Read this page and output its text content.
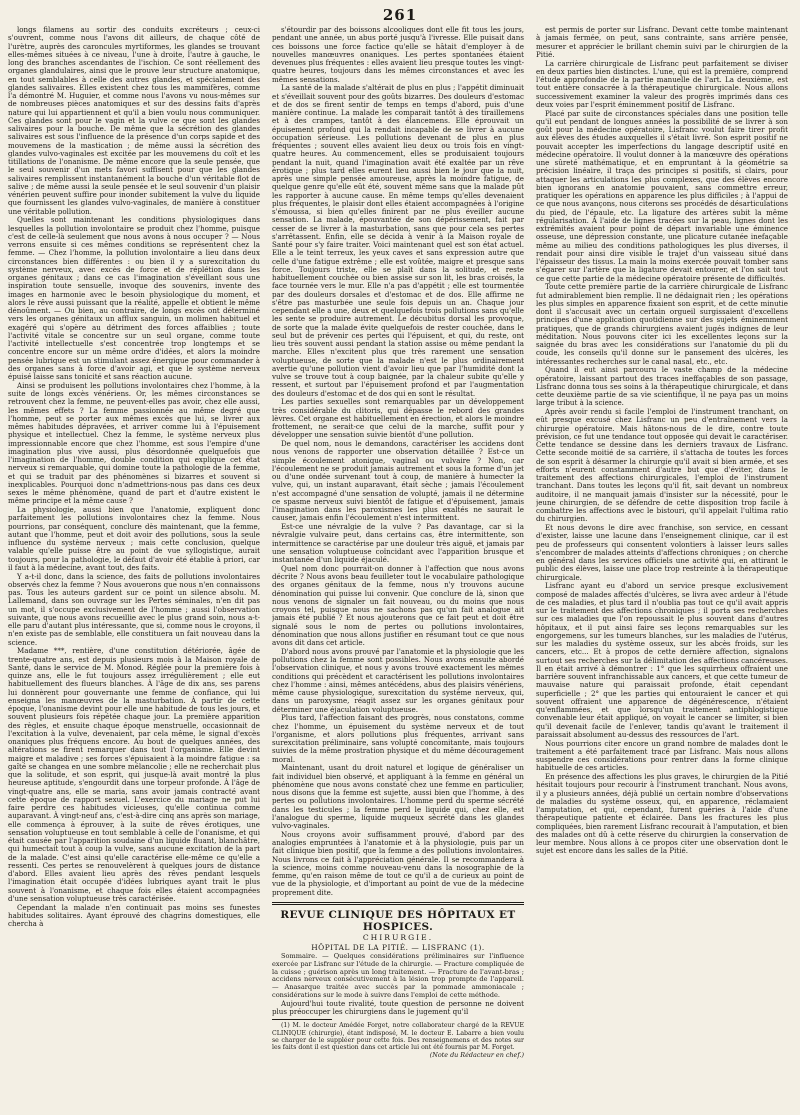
261

longs filamens au sortir des conduits excréteurs ; ceux-ci s'ouvrent, comme nous l'avons dit ailleurs, de chaque côté de l'urètre, auprès des caroncules myrtiformes, les glandes se trouvant elles-mêmes situées à ce niveau, l'une à droite, l'autre à gauche, le long des branches ascendantes de l'ischion. Ce sont réellement des organes glandulaires, ainsi que le prouve leur structure anatomique, en tout semblables à celle des autres glandes, et spécialement des glandes salivaires. Elles existent chez tous les mammifères, comme l'a démontré M. Huguier, et comme nous l'avons vu nous-mêmes sur de nombreuses pièces anatomiques et sur des dessins faits d'après nature qui lui appartiennent et qu'il a bien voulu nous communiquer. Ces glandes sont pour le vagin et la vulve ce que sont les glandes salivaires pour la bouche. De même que la sécrétion des glandes salivaires est sous l'influence de la présence d'un corps sapide et des mouvemens de la mastication ; de même aussi la sécrétion des glandes vulvo-vaginales est excitée par les mouvemens du coït et les titillations de l'onanisme. De même encore que la seule pensée, que le seul souvenir d'un mets favori suffisent pour que les glandes salivaires remplissent instantanément la bouche d'un véritable flot de salive ; de même aussi la seule pensée et le seul souvenir d'un plaisir vénérien peuvent suffire pour inonder subitement la vulve du liquide que fournissent les glandes vulvo-vaginales, de manière à constituer une véritable pollution.

Quelles sont maintenant les conditions physiologiques dans lesquelles la pollution involontaire se produit chez l'homme, puisque c'est de celle-là seulement que nous avons à nous occuper ? — Nous verrons ensuite si ces mêmes conditions se représentent chez la femme. — Chez l'homme, la pollution involontaire a lieu dans deux circonstances bien différentes : ou bien il y a surexcitation du système nerveux, avec excès de force et de réplétion dans les organes génitaux ; dans ce cas l'imagination s'éveillant sous une inspiration toute sensuelle, invoque des souvenirs, invente des images en harmonie avec le besoin physiologique du moment, et alors le rêve aussi puissant que la réalité, appelle et obtient le même dénoûment. — Ou bien, au contraire, de longs excès ont déterminé vers les organes génitaux un afflux sanguin, un molimen habituel et exagéré qui s'opère au détriment des forces affaiblies ; toute l'activité vitale se concentre sur un seul organe, comme toute l'activité intellectuelle s'est concentrée trop longtemps et se concentre encore sur un même ordre d'idées, et alors la moindre pensée lubrique est un stimulant assez énergique pour commander à des organes sans à force d'avoir agi, et que le système nerveux épuisé laisse sans tonicité et sans réaction aucune.

Ainsi se produisent les pollutions involontaires chez l'homme, à la suite de longs excès vénériens. Or, les mêmes circonstances se retrouvent chez la femme, ne peuvent-elles pas avoir, chez elle aussi, les mêmes effets ? La femme passionnée au même degré que l'homme, peut se porter aux mêmes excès que lui, se livrer aux mêmes habitudes dépravées, et arriver comme lui à l'épuisement physique et intellectuel. Chez la femme, le système nerveux plus impressionnable encore que chez l'homme, est sous l'empire d'une imagination plus vive aussi, plus désordonnée quelquefois que l'imagination de l'homme, double condition qui explique cet état nerveux si remarquable, qui domine toute la pathologie de la femme, et qui se traduit par des phénomènes si bizarres et souvent si inexplicables. Pourquoi donc n'admettrions-nous pas dans ces deux sexes le même phénomène, quand de part et d'autre existent le même principe et la même cause ?

La physiologie, aussi bien que l'anatomie, expliquent donc parfaitement les pollutions involontaires chez la femme. Nous pourrions, par conséquent, conclure dès maintenant, que la femme, autant que l'homme, peut et doit avoir des pollutions, sous la seule influence du système nerveux ; mais cette conclusion, quelque valable qu'elle puisse être au point de vue syllogistique, aurait toujours, pour la pathologie, le défaut d'avoir été établie à priori, car il faut à la médecine, avant tout, des faits.

Y a-t-il donc, dans la science, des faits de pollutions involontaires observés chez la femme ? Nous avouerons que nous n'en connaissons pas. Tous les auteurs gardent sur ce point un silence absolu. M. Lallemand, dans son ouvrage sur les Pertes séminales, n'en dit pas un mot, il s'occupe exclusivement de l'homme ; aussi l'observation suivante, que nous avons recueillie avec le plus grand soin, nous a-t-elle paru d'autant plus intéressante, que si, comme nous le croyons, il n'en existe pas de semblable, elle constituera un fait nouveau dans la science.

Madame ***, rentière, d'une constitution détériorée, âgée de trente-quatre ans, est depuis plusieurs mois à la Maison royale de Santé, dans le service de M. Monod. Réglée pour la première fois à quinze ans, elle le fut toujours assez irrégulièrement ; elle eut habituellement des flueurs blanches. À l'âge de dix ans, ses parens lui donnèrent pour gouvernante une femme de confiance, qui lui enseigna les manœuvres de la masturbation. À partir de cette époque, l'onanisme devint pour elle une habitude de tous les jours, et souvent plusieurs fois répétée chaque jour. La première apparition des règles, et ensuite chaque époque menstruelle, occasionnait de l'excitation à la vulve, devenaient, par cela même, le signal d'excès onaniques plus fréquens encore. Au bout de quelques années, des altérations se firent remarquer dans tout l'organisme. Elle devint maigre et maladive ; ses forces s'épuisaient à la moindre fatigue : sa gaîté se changea en une sombre mélancolie ; elle ne recherchait plus que la solitude, et son esprit, qui jusque-là avait montré la plus heureuse aptitude, s'engourdit dans une torpeur profonde. À l'âge de vingt-quatre ans, elle se maria, sans avoir jamais contracté avant cette époque de rapport sexuel. L'exercice du mariage ne put lui faire perdre ces habitudes vicieuses, qu'elle continua comme auparavant. À vingt-neuf ans, c'est-à-dire cinq ans après son mariage, elle commença à éprouver, à la suite de rêves érotiques, une sensation voluptueuse en tout semblable à celle de l'onanisme, et qui était causée par l'apparition soudaine d'un liquide fluant, blanchâtre, qui humectait tout à coup la vulve, sans aucune excitation de la part de la malade. C'est ainsi qu'elle caractérise elle-même ce qu'elle a ressenti. Ces pertes se renouvelèrent à quelques jours de distance d'abord. Elles avaient lieu après des rêves pendant lesquels l'imagination était occupée d'idées lubriques ayant trait le plus souvent à l'onanisme, et chaque fois elles étaient accompagnées d'une sensation voluptueuse très caractérisée.

Cependant la malade n'en continuait pas moins ses funestes habitudes solitaires. Ayant éprouvé des chagrins domestiques, elle chercha à

s'étourdir par des boissons alcooliques dont elle fit tous les jours, pendant une année, un abus porté jusqu'à l'ivresse. Elle puisait dans ces boissons une force factice qu'elle se hâtait d'employer à de nouvelles manœuvres onaniques. Les pertes spontanées étaient devenues plus fréquentes : elles avaient lieu presque toutes les vingt-quatre heures, toujours dans les mêmes circonstances et avec les mêmes sensations.

La santé de la malade s'altérait de plus en plus ; l'appétit diminuait et s'éveillait souvent pour des goûts bizarres. Des douleurs d'estomac et de dos se firent sentir de temps en temps d'abord, puis d'une manière continue. La malade les comparait tantôt à des tiraillemens et à des crampes, tantôt à des élancemens. Elle éprouvait un épuisement profond qui la rendait incapable de se livrer à aucune occupation sérieuse. Les pollutions devenant de plus en plus fréquentes ; souvent elles avaient lieu deux ou trois fois en vingt-quatre heures. Au commencement, elles se produisaient toujours pendant la nuit, quand l'imagination avait été exaltée par un rêve érotique ; plus tard elles eurent lieu aussi bien le jour que la nuit, après une simple pensée amoureuse, après la moindre fatigue, de quelque genre qu'elle eût été, souvent même sans que la malade pût les rapporter à aucune cause. En même temps qu'elles devenaient plus fréquentes, le plaisir dont elles étaient accompagnées à l'origine s'émoussa, si bien qu'elles finirent par ne plus éveiller aucune sensation. La malade, épouvantée de son dépérissement, fait par cesser de se livrer à la masturbation, sans que pour cela ses pertes s'arrêtassent. Enfin, elle se décida à venir à la Maison royale de Santé pour s'y faire traiter. Voici maintenant quel est son état actuel. Elle a le teint terreux, les yeux caves et sans expression autre que celle d'une fatigue extrême ; elle est voûtée, maigre et presque sans force. Toujours triste, elle se plaît dans la solitude, et reste habituellement couchée ou bien assise sur son lit, les bras croisés, la face tournée vers le mur. Elle n'a pas d'appétit ; elle est tourmentée par des douleurs dorsales et d'estomac et de dos. Elle affirme ne s'être pas masturbée une seule fois depuis un an. Chaque jour cependant elle a une, deux et quelquefois trois pollutions sans qu'elle les sente se produire autrement. Le décubitus dorsal les provoque, de sorte que la malade évite quelquefois de rester couchée, dans le seul but de prévenir ces pertes qui l'épuisent, et qui, du reste, ont lieu très souvent aussi pendant la station assise ou même pendant la marche. Elles n'excitent plus que très rarement une sensation voluptueuse, de sorte que la malade n'est le plus ordinairement avertie qu'une pollution vient d'avoir lieu que par l'humidité dont la vulve se trouve tout à coup baignée, par la chaleur subite qu'elle y ressent, et surtout par l'épuisement profond et par l'augmentation des douleurs d'estomac et de dos qui en sont le résultat.

Les parties sexuelles sont remarquables par un développement très considérable du clitoris, qui dépasse le rebord des grandes lèvres. Cet organe est habituellement en érection, et alors le moindre frottement, ne serait-ce que celui de la marche, suffit pour y développer une sensation suivie bientôt d'une pollution.

De quel nom, nous le demandons, caractériser les accidens dont nous venons de rapporter une observation détaillée ? Est-ce un simple écoulement atonique, vaginal ou vulvaire ? Non, car l'écoulement ne se produit jamais autrement et sous la forme d'un jet ou d'une ondée survenant tout à coup, de manière à humecter la vulve, qui, un instant auparavant, était sèche ; jamais l'écoulement n'est accompagné d'une sensation de volupté, jamais il ne détermine ce spasme nerveux suivi bientôt de fatigue et d'épuisement, jamais l'imagination dans les paroxismes les plus exaltés ne saurait le causer, jamais enfin l'écoulement n'est intermittent.

Est-ce une névralgie de la vulve ? Pas davantage, car si la névralgie vulvaire peut, dans certains cas, être intermittente, son intermittence se caractérise par une douleur très aiguë, et jamais par une sensation voluptueuse coïncidant avec l'apparition brusque et instantanée d'un liquide éjaculé.

Quel nom donc pourrait-on donner à l'affection que nous avons décrite ? Nous avons beau feuilleter tout le vocabulaire pathologique des organes génitaux de la femme, nous n'y trouvons aucune dénomination qui puisse lui convenir. Que conclure de là, sinon que nous venons de signaler un fait nouveau, ou du moins que nous croyons tel, puisque nous ne sachons pas qu'un fait analogue ait jamais été publié ? Et nous ajouterons que ce fait peut et doit être signalé sous le nom de pertes ou pollutions involontaires, dénomination que nous allons justifier en résumant tout ce que nous avons dit dans cet article.

D'abord nous avons prouvé par l'anatomie et la physiologie que les pollutions chez la femme sont possibles. Nous avons ensuite abordé l'observation clinique, et nous y avons trouvé exactement les mêmes conditions qui précèdent et caractérisent les pollutions involontaires chez l'homme : ainsi, mêmes antécédens, abus des plaisirs vénériens, même cause physiologique, surexcitation du système nerveux, qui, dans un paroxysme, réagit assez sur les organes génitaux pour déterminer une éjaculation voluptueuse.

Plus tard, l'affection faisant des progrès, nous constatons, comme chez l'homme, un épuisement du système nerveux et de tout l'organisme, et alors pollutions plus fréquentes, arrivant sans surexcitation préliminaire, sans volupté concomitante, mais toujours suivies de la même prostration physique et du même découragement moral.

Maintenant, usant du droit naturel et logique de généraliser un fait individuel bien observé, et appliquant à la femme en général un phénomène que nous avons constaté chez une femme en particulier, nous disons que la femme est sujette, aussi bien que l'homme, à des pertes ou pollutions involontaires. L'homme perd du sperme sécrété dans les testicules ; la femme perd le liquide qui, chez elle, est l'analogue du sperme, liquide muqueux sécrété dans les glandes vulvo-vaginales.

Nous croyons avoir suffisamment prouvé, d'abord par des analogies empruntées à l'anatomie et à la physiologie, puis par un fait clinique bien positif, que la femme a des pollutions involontaires. Nous livrons ce fait à l'appréciation générale. Il se recommandera à la science, moins comme nouveau-venu dans la nosographie de la femme, qu'en raison même de tout ce qu'il a de curieux au point de vue de la physiologie, et d'important au point de vue de la médecine proprement dite.

REVUE CLINIQUE DES HÔPITAUX ET HOSPICES.
CHIRURGIE.
HÔPITAL DE LA PITIÉ. — LISFRANC (1).

Sommaire. — Quelques considérations préliminaires sur l'influence exercée par Lisfranc sur l'étude de la chirurgie. — Fracture compliquée de la cuisse ; guérison après un long traitement. — Fracture de l'avant-bras ; accidens nerveux consécutivement à la lésion trop prompte de l'appareil. — Anasarque traitée avec succès par la pommade ammoniacale ; considérations sur le mode à suivre dans l'emploi de cette méthode.

Aujourd'hui toute rivalité, toute question de personne ne doivent plus préoccuper les chirurgiens dans le jugement qu'il

(1) M. le docteur Amédée Forget, notre collaborateur chargé de la REVUE CLINIQUE (chirurgie), étant indisposé, M. le docteur E. Labarre a bien voulu se charger de le suppléer pour cette fois. Des renseignemens et des notes sur les faits dont il est question dans cet article lui ont été fournis par M. Forget.

(Note du Rédacteur en chef.)

est permis de porter sur Lisfranc. Devant cette tombe maintenant à jamais fermée, on peut, sans contrainte, sans arrière pensée, mesurer et apprécier le brillant chemin suivi par le chirurgien de la Pitié.

La carrière chirurgicale de Lisfranc peut parfaitement se diviser en deux parties bien distinctes. L'une, qui est la première, comprend l'étude approfondie de la partie manuelle de l'art. La deuxième, est tout entière consacrée à la thérapeutique chirurgicale. Nous allons successivement examiner la valeur des progrès imprimés dans ces deux voies par l'esprit éminemment positif de Lisfranc.

Placé par suite de circonstances spéciales dans une position telle qu'il eut pendant de longues années la possibilité de se livrer à son goût pour la médecine opératoire, Lisfranc voulut faire tirer profit aux élèves des études auxquelles il s'était livré. Son esprit positif ne pouvait accepter les imperfections du langage descriptif usité en médecine opératoire. Il voulut donner à la manœuvre des opérations une sûreté mathématique, et en empruntant à la géométrie sa précision linéaire, il traça des principes si positifs, si clairs, pour attaquer les articulations les plus complexes, que des élèves encore bien ignorans en anatomie pouvaient, sans commettre erreur, pratiquer les opérations en apparence les plus difficiles ; à l'appui de ce que nous avançons, nous citerons ses procédés de désarticulations du pied, de l'épaule, etc. La ligature des artères subit la même régularisation. À l'aide de lignes tracées sur la peau, lignes dont les extrémités avaient pour point de départ invariable une éminence osseuse, une dépression constante, une plicature cutanée inefaçable même au milieu des conditions pathologiques les plus diverses, il rendait pour ainsi dire visible le trajet d'un vaisseau situé dans l'épaisseur des tissus. La main la moins exercée pouvait tomber sans s'égarer sur l'artère que la ligature devait entourer, et l'on sait tout ce que cette partie de la médecine opératoire présente de difficultés.

Toute cette première partie de la carrière chirurgicale de Lisfranc fut admirablement bien remplie. Il ne dédaignait rien ; les opérations les plus simples en apparence fixaient son esprit, et de cette minutie dont il s'accusait avec un certain orgueil surgissaient d'excellens principes d'une application quotidienne sur des sujets éminemment pratiques, que de grands chirurgiens avaient jugés indignes de leur méditation. Nous pouvons citer ici les excellentes leçons sur la saignée du bras avec les considérations sur l'anatomie du pli du coude, les conseils qu'il donne sur le pansement des ulcères, les intéressantes recherches sur le canal nasal, etc., etc.

Quand il eut ainsi parcouru le vaste champ de la médecine opératoire, laissant partout des traces ineffaçables de son passage, Lisfranc donna tous ses soins à la thérapeutique chirurgicale, et dans cette deuxième partie de sa vie scientifique, il ne paya pas un moins large tribut à la science.

Après avoir rendu si facile l'emploi de l'instrument tranchant, on eût presque excusé chez Lisfranc un peu d'entraînement vers la chirurgie opératoire. Mais hâtons-nous de le dire, contre toute prévision, ce fut une tendance tout opposée qui devait le caractériser. Cette tendance se dessine dans les derniers travaux de Lisfranc. Cette seconde moitié de sa carrière, il s'attacha de toutes les forces de son esprit à désarmer la chirurgie qu'il avait si bien armée, et ses efforts n'eurent constamment d'autre but que d'éviter, dans le traitement des affections chirurgicales, l'emploi de l'instrument tranchant. Dans toutes les leçons qu'il fit, sait devant un nombreux auditoire, il ne manquait jamais d'insister sur la nécessité, pour le jeune chirurgien, de se défendre de cette disposition trop facile à combattre les affections avec le bistouri, qu'il appelait l'ultima ratio du chirurgien.

Et nous devons le dire avec franchise, son service, en cessant d'exister, laisse une lacune dans l'enseignement clinique, car il est peu de professeurs qui consentent volontiers à laisser leurs salles s'encombrer de malades atteints d'affections chroniques ; on cherche en général dans les services officiels une activité qui, en attirant le public des élèves, laisse une place trop restreinte à la thérapeutique chirurgicale.

Lisfranc ayant eu d'abord un service presque exclusivement composé de malades affectés d'ulcères, se livra avec ardeur à l'étude de ces maladies, et plus tard il n'oublia pas tout ce qu'il avait appris sur le traitement des affections chroniques ; il porta ses recherches sur ces maladies que l'on repoussait le plus souvent dans d'autres hôpitaux, et il put ainsi faire ses leçons remarquables sur les engorgemens, sur les tumeurs blanches, sur les maladies de l'utérus, sur les maladies du système osseux, sur les abcès froids, sur les cancers, etc... Et à propos de cette dernière affection, signalons surtout ses recherches sur la délimitation des affections cancéreuses. Il en était arrivé à démontrer : 1° que les squirrheux offraient une barrière souvent infranchissable aux cancers, et que cette tumeur de mauvaise nature qui paraissait profonde, était cependant superficielle ; 2° que les parties qui entouraient le cancer et qui souvent offraient une apparence de dégénérescence, n'étaient qu'enflammées, et que lorsqu'un traitement antiphlogistique convenable leur était appliqué, on voyait le cancer se limiter, si bien qu'il devenait facile de l'enlever, tandis qu'avant le traitement il paraissait absolument au-dessus des ressources de l'art.

Nous pourrions citer encore un grand nombre de malades dont le traitement a été parfaitement tracé par Lisfranc. Mais nous allons suspendre ces considérations pour rentrer dans la forme clinique habituelle de ces articles.

En présence des affections les plus graves, le chirurgien de la Pitié hésitait toujours pour recourir à l'instrument tranchant. Nous avons, il y a plusieurs années, déjà publié un certain nombre d'observations de maladies du système osseux, qui, en apparence, réclamaient l'amputation, et qui, cependant, furent guéries à l'aide d'une thérapeutique patiente et éclairée. Dans les fractures les plus compliquées, bien rarement Lisfranc recourait à l'amputation, et bien des malades ont dû à cette réserve du chirurgien la conservation de leur membre. Nous allons à ce propos citer une observation dont le sujet est encore dans les salles de la Pitié.
